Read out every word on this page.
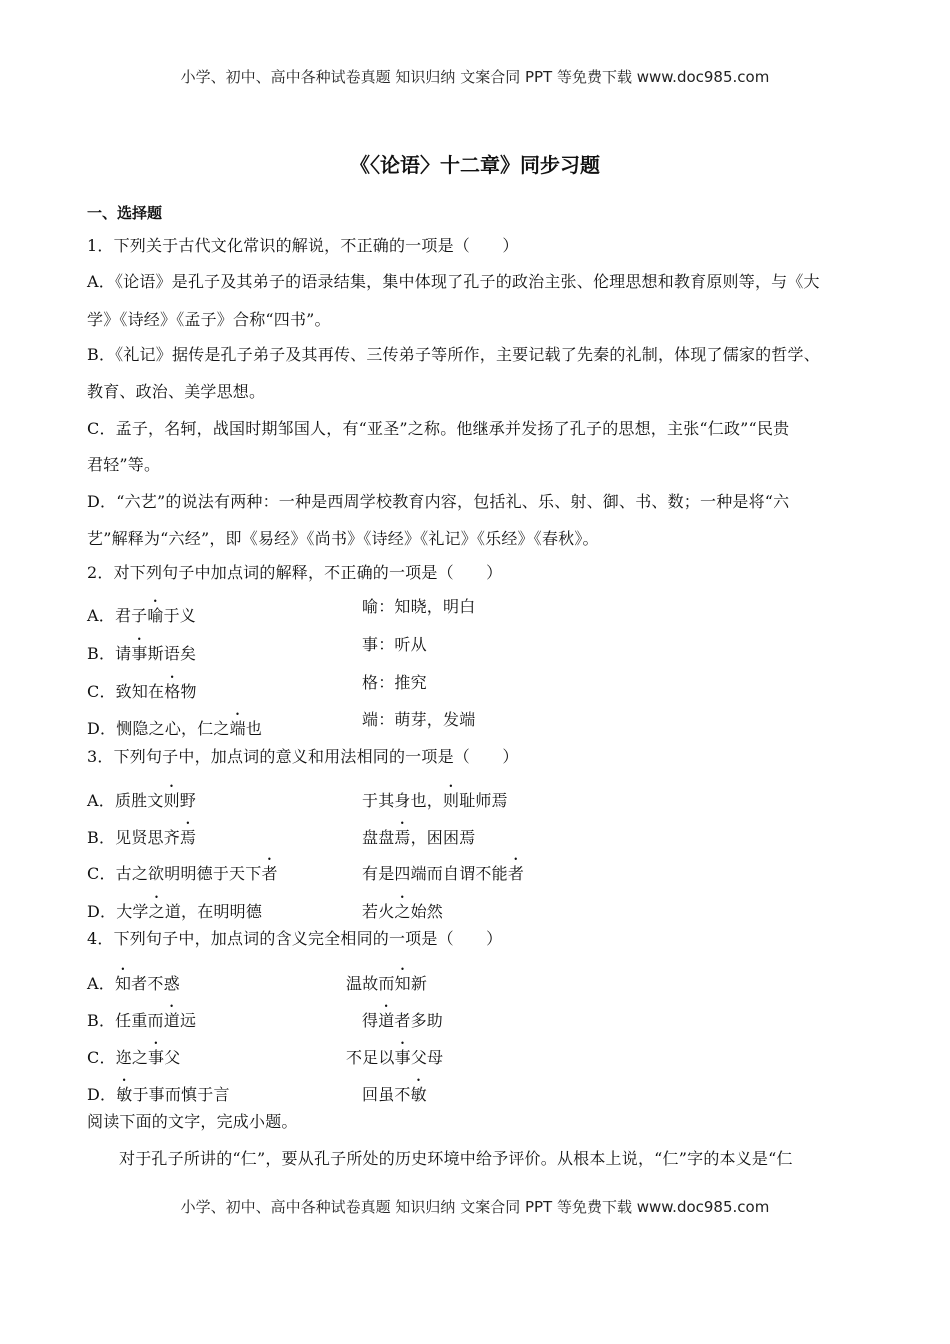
小学、初中、高中各种试卷真题 知识归纳 文案合同 PPT 等免费下载 www.doc985.com
《〈论语〉十二章》同步习题
一、选择题
1．下列关于古代文化常识的解说，不正确的一项是（　　）
A．《论语》是孔子及其弟子的语录结集，集中体现了孔子的政治主张、伦理思想和教育原则等，与《大
学》《诗经》《孟子》合称“四书”。
B．《礼记》据传是孔子弟子及其再传、三传弟子等所作，主要记载了先秦的礼制，体现了儒家的哲学、
教育、政治、美学思想。
C．孟子，名轲，战国时期邹国人，有“亚圣”之称。他继承并发扬了孔子的思想，主张“仁政”“民贵
君轻”等。
D．“六艺”的说法有两种：一种是西周学校教育内容，包括礼、乐、射、御、书、数；一种是将“六
艺”解释为“六经”，即《易经》《尚书》《诗经》《礼记》《乐经》《春秋》。
2．对下列句子中加点词的解释，不正确的一项是（　　）
A．君子喻于义	喻：知晓，明白
B．请事斯语矣	事：听从
C．致知在格物	格：推究
D．恻隐之心，仁之端也	端：萌芽，发端
3．下列句子中，加点词的意义和用法相同的一项是（　　）
A．质胜文则野	于其身也，则耻师焉
B．见贤思齐焉	盘盘焉，困困焉
C．古之欲明明德于天下者	有是四端而自谓不能者
D．大学之道，在明明德	若火之始然
4．下列句子中，加点词的含义完全相同的一项是（　　）
A．知者不惑	温故而知新
B．任重而道远	得道者多助
C．迩之事父	不足以事父母
D．敏于事而慎于言	回虽不敏
阅读下面的文字，完成小题。
对于孔子所讲的“仁”，要从孔子所处的历史环境中给予评价。从根本上说，“仁”字的本义是“仁
小学、初中、高中各种试卷真题 知识归纳 文案合同 PPT 等免费下载 www.doc985.com
